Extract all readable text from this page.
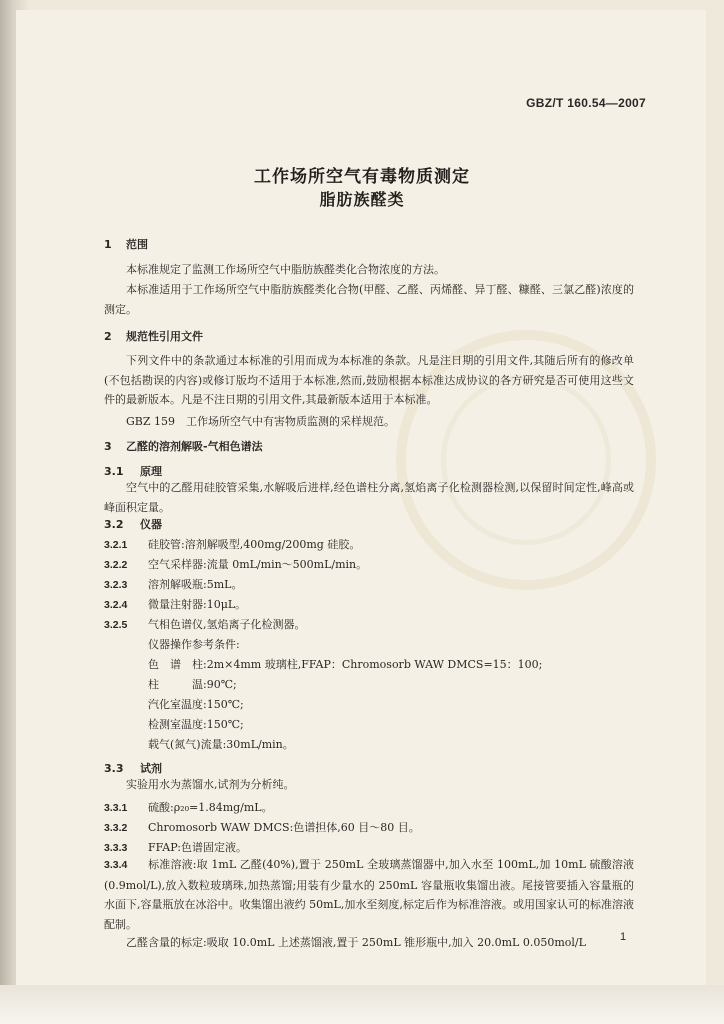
GBZ/T 160.54—2007
工作场所空气有毒物质测定
脂肪族醛类
1 范围
本标准规定了监测工作场所空气中脂肪族醛类化合物浓度的方法。
本标准适用于工作场所空气中脂肪族醛类化合物(甲醛、乙醛、丙烯醛、异丁醛、糠醛、三氯乙醛)浓度的测定。
2 规范性引用文件
下列文件中的条款通过本标准的引用而成为本标准的条款。凡是注日期的引用文件,其随后所有的修改单(不包括勘误的内容)或修订版均不适用于本标准,然而,鼓励根据本标准达成协议的各方研究是否可使用这些文件的最新版本。凡是不注日期的引用文件,其最新版本适用于本标准。
GBZ 159　工作场所空气中有害物质监测的采样规范。
3 乙醛的溶剂解吸-气相色谱法
3.1 原理
空气中的乙醛用硅胶管采集,水解吸后进样,经色谱柱分离,氢焰离子化检测器检测,以保留时间定性,峰高或峰面积定量。
3.2 仪器
3.2.1 硅胶管:溶剂解吸型,400mg/200mg 硅胶。
3.2.2 空气采样器:流量 0mL/min～500mL/min。
3.2.3 溶剂解吸瓶:5mL。
3.2.4 微量注射器:10μL。
3.2.5 气相色谱仪,氢焰离子化检测器。
仪器操作参考条件:
色　谱　柱:2m×4mm 玻璃柱,FFAP：Chromosorb WAW DMCS=15：100;
柱　　　温:90℃;
汽化室温度:150℃;
检测室温度:150℃;
载气(氮气)流量:30mL/min。
3.3 试剂
实验用水为蒸馏水,试剂为分析纯。
3.3.1 硫酸:ρ₂₀=1.84mg/mL。
3.3.2 Chromosorb WAW DMCS:色谱担体,60 目～80 目。
3.3.3 FFAP:色谱固定液。
3.3.4 标准溶液:取 1mL 乙醛(40%),置于 250mL 全玻璃蒸馏器中,加入水至 100mL,加 10mL 硫酸溶液(0.9mol/L),放入数粒玻璃珠,加热蒸馏;用装有少量水的 250mL 容量瓶收集馏出液。尾接管要插入容量瓶的水面下,容量瓶放在冰浴中。收集馏出液约 50mL,加水至刻度,标定后作为标准溶液。或用国家认可的标准溶液配制。
乙醛含量的标定:吸取 10.0mL 上述蒸馏液,置于 250mL 锥形瓶中,加入 20.0mL 0.050mol/L	1
